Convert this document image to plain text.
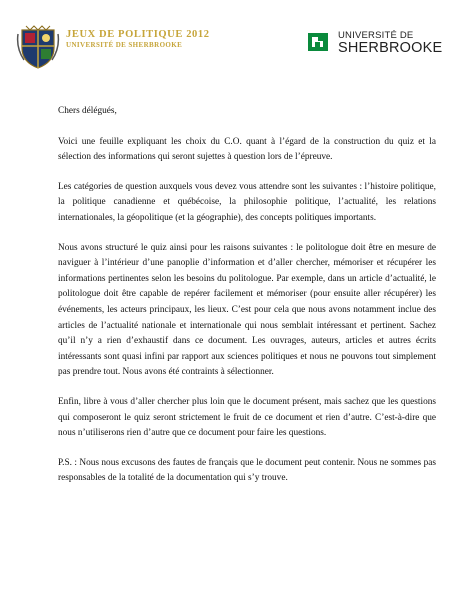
JEUX DE POLITIQUE 2012
UNIVERSITÉ DE SHERBROOKE
UNIVERSITÉ DE
SHERBROOKE

Chers délégués,

Voici une feuille expliquant les choix du C.O. quant à l’égard de la construction du quiz et la sélection des informations qui seront sujettes à question lors de l’épreuve.

Les catégories de question auxquels vous devez vous attendre sont les suivantes : l’histoire politique, la politique canadienne et québécoise, la philosophie politique, l’actualité, les relations internationales, la géopolitique (et la géographie), des concepts politiques importants.

Nous avons structuré le quiz ainsi pour les raisons suivantes : le politologue doit être en mesure de naviguer à l’intérieur d’une panoplie d’information et d’aller chercher, mémoriser et récupérer les informations pertinentes selon les besoins du politologue. Par exemple, dans un article d’actualité, le politologue doit être capable de repérer facilement et mémoriser (pour ensuite aller récupérer) les événements, les acteurs principaux, les lieux. C’est pour cela que nous avons notamment inclue des articles de l’actualité nationale et internationale qui nous semblait intéressant et pertinent. Sachez qu’il n’y a rien d’exhaustif dans ce document. Les ouvrages, auteurs, articles et autres écrits intéressants sont quasi infini par rapport aux sciences politiques et nous ne pouvons tout simplement pas prendre tout. Nous avons été contraints à sélectionner.

Enfin, libre à vous d’aller chercher plus loin que le document présent, mais sachez que les questions qui composeront le quiz seront strictement le fruit de ce document et rien d’autre. C’est-à-dire que nous n’utiliserons rien d’autre que ce document pour faire les questions.

P.S. : Nous nous excusons des fautes de français que le document peut contenir. Nous ne sommes pas responsables de la totalité de la documentation qui s’y trouve.
